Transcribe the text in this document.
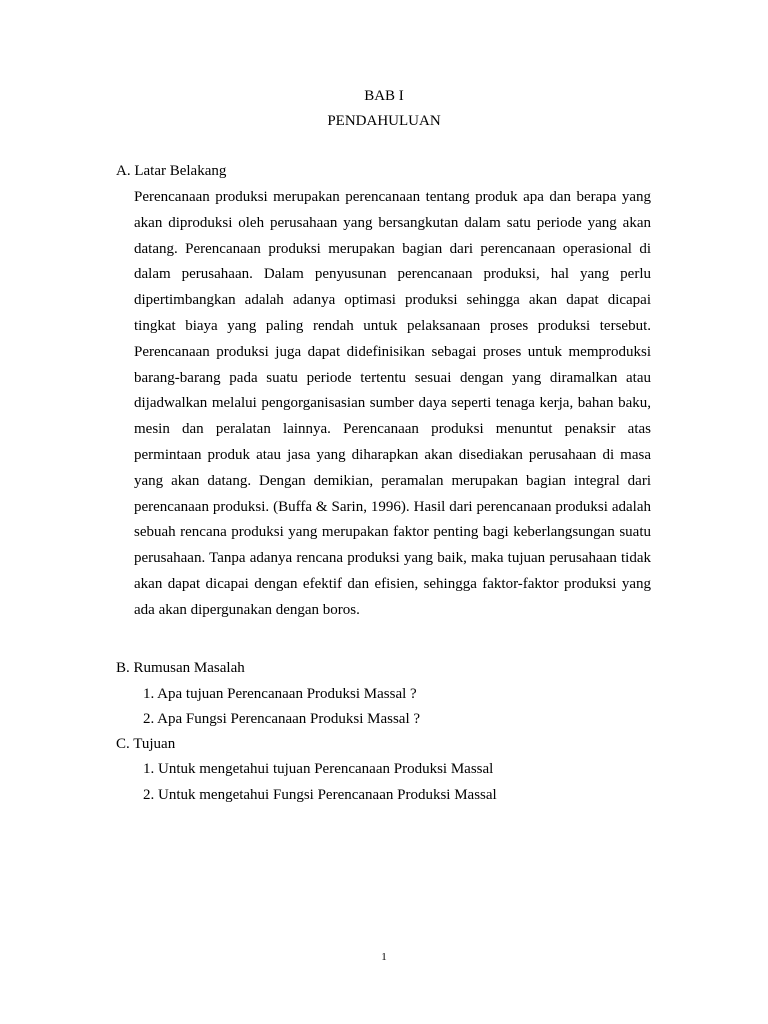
BAB I
PENDAHULUAN
A. Latar Belakang

Perencanaan produksi merupakan perencanaan tentang produk apa dan berapa yang akan diproduksi oleh perusahaan yang bersangkutan dalam satu periode yang akan datang. Perencanaan produksi merupakan bagian dari perencanaan operasional di dalam perusahaan. Dalam penyusunan perencanaan produksi, hal yang perlu dipertimbangkan adalah adanya optimasi produksi sehingga akan dapat dicapai tingkat biaya yang paling rendah untuk pelaksanaan proses produksi tersebut. Perencanaan produksi juga dapat didefinisikan sebagai proses untuk memproduksi barang-barang pada suatu periode tertentu sesuai dengan yang diramalkan atau dijadwalkan melalui pengorganisasian sumber daya seperti tenaga kerja, bahan baku, mesin dan peralatan lainnya. Perencanaan produksi menuntut penaksir atas permintaan produk atau jasa yang diharapkan akan disediakan perusahaan di masa yang akan datang. Dengan demikian, peramalan merupakan bagian integral dari perencanaan produksi. (Buffa & Sarin, 1996). Hasil dari perencanaan produksi adalah sebuah rencana produksi yang merupakan faktor penting bagi keberlangsungan suatu perusahaan. Tanpa adanya rencana produksi yang baik, maka tujuan perusahaan tidak akan dapat dicapai dengan efektif dan efisien, sehingga faktor-faktor produksi yang ada akan dipergunakan dengan boros.

B. Rumusan Masalah
1. Apa tujuan Perencanaan Produksi Massal ?
2. Apa Fungsi Perencanaan Produksi Massal ?
C. Tujuan
1. Untuk mengetahui tujuan Perencanaan Produksi Massal
2. Untuk mengetahui Fungsi Perencanaan Produksi Massal
1
